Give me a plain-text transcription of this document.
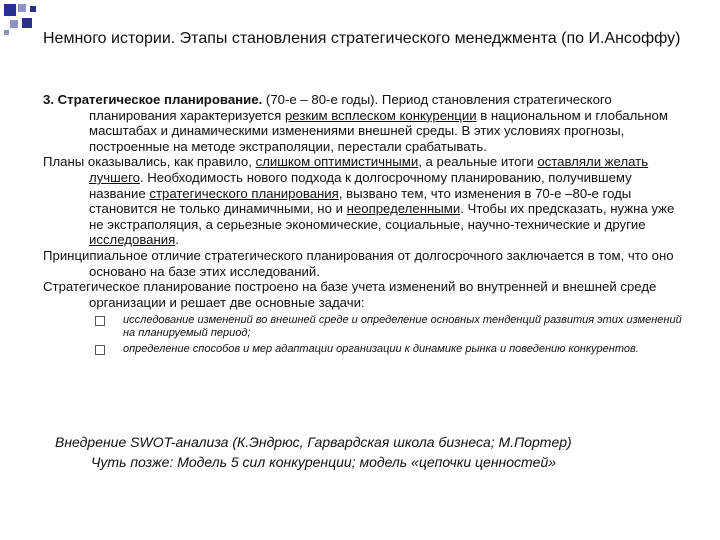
Немного истории. Этапы становления стратегического менеджмента (по И.Ансоффу)

3. Стратегическое планирование. (70-е – 80-е годы). Период становления стратегического планирования характеризуется резким всплеском конкуренции в национальном и глобальном масштабах и динамическими изменениями внешней среды. В этих условиях прогнозы, построенные на методе экстраполяции, перестали срабатывать.

Планы оказывались, как правило, слишком оптимистичными, а реальные итоги оставляли желать лучшего. Необходимость нового подхода к долгосрочному планированию, получившему название стратегического планирования, вызвано тем, что изменения в 70-е –80-е годы становится не только динамичными, но и неопределенными. Чтобы их предсказать, нужна уже не экстраполяция, а серьезные экономические, социальные, научно-технические и другие исследования.

Принципиальное отличие стратегического планирования от долгосрочного заключается в том, что оно основано на базе этих исследований.

Стратегическое планирование построено на базе учета изменений во внутренней и внешней среде организации и решает две основные задачи:

исследование изменений во внешней среде и определение основных тенденций развития этих изменений на планируемый период;
определение способов и мер адаптации организации к динамике рынка и поведению конкурентов.
Внедрение SWOT-анализа (К.Эндрюс, Гарвардская школа бизнеса; М.Портер)
Чуть позже: Модель 5 сил конкуренции; модель «цепочки ценностей»
